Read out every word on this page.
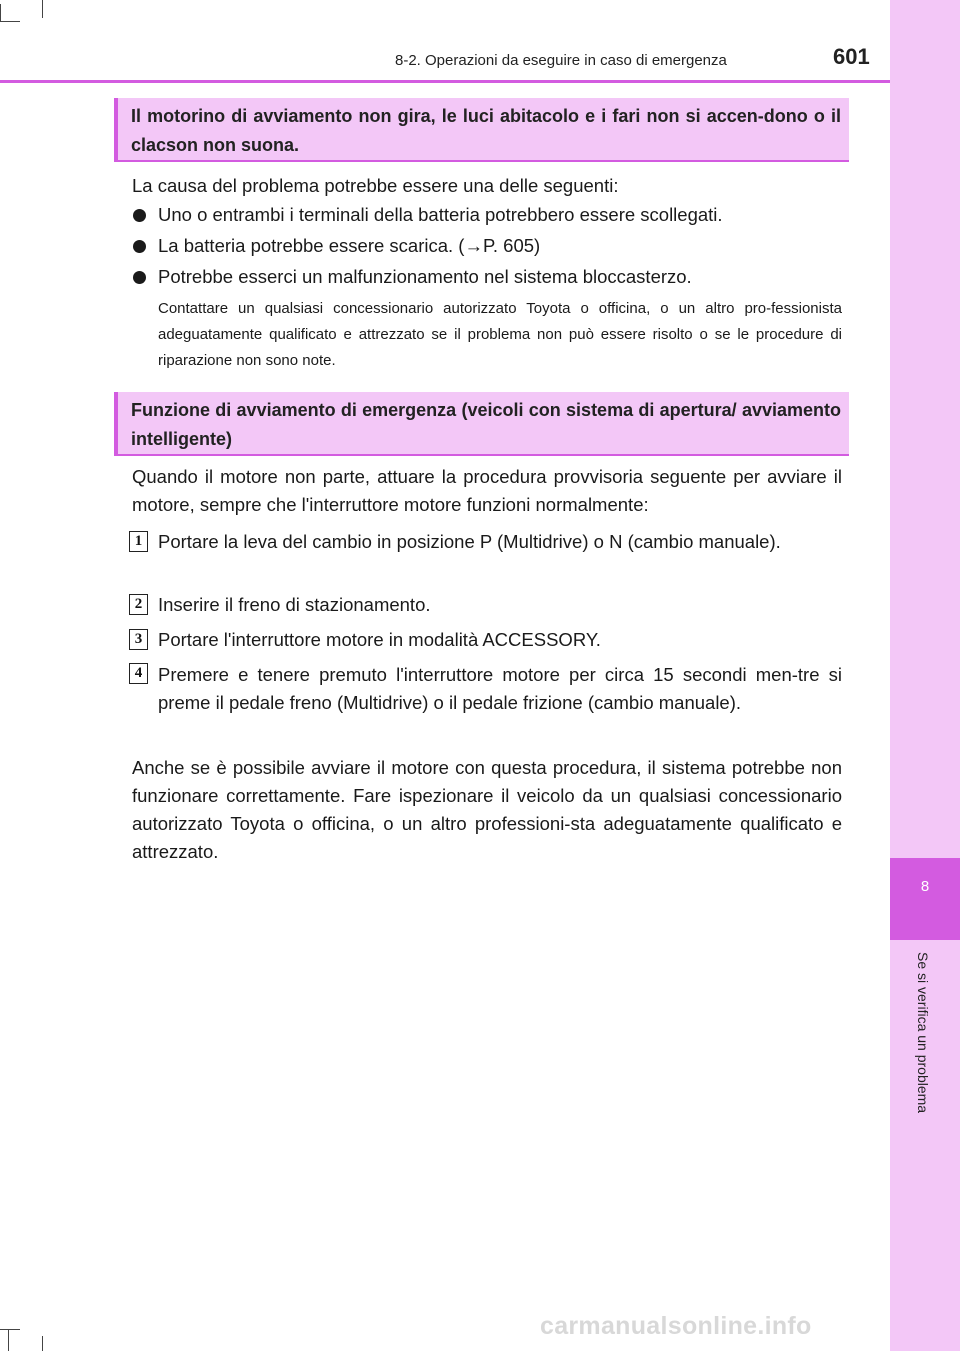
8
Se si verifica un problema
8-2. Operazioni da eseguire in caso di emergenza	601
Il motorino di avviamento non gira, le luci abitacolo e i fari non si accen-dono o il clacson non suona.
La causa del problema potrebbe essere una delle seguenti:
Uno o entrambi i terminali della batteria potrebbero essere scollegati.
La batteria potrebbe essere scarica. (→P. 605)
Potrebbe esserci un malfunzionamento nel sistema bloccasterzo.
Contattare un qualsiasi concessionario autorizzato Toyota o officina, o un altro pro-fessionista adeguatamente qualificato e attrezzato se il problema non può essere risolto o se le procedure di riparazione non sono note.
Funzione di avviamento di emergenza (veicoli con sistema di apertura/ avviamento intelligente)
Quando il motore non parte, attuare la procedura provvisoria seguente per avviare il motore, sempre che l'interruttore motore funzioni normalmente:
1 Portare la leva del cambio in posizione P (Multidrive) o N (cambio manuale).
2 Inserire il freno di stazionamento.
3 Portare l'interruttore motore in modalità ACCESSORY.
4 Premere e tenere premuto l'interruttore motore per circa 15 secondi men-tre si preme il pedale freno (Multidrive) o il pedale frizione (cambio manuale).
Anche se è possibile avviare il motore con questa procedura, il sistema potrebbe non funzionare correttamente. Fare ispezionare il veicolo da un qualsiasi concessionario autorizzato Toyota o officina, o un altro professioni-sta adeguatamente qualificato e attrezzato.
carmanualsonline.info
